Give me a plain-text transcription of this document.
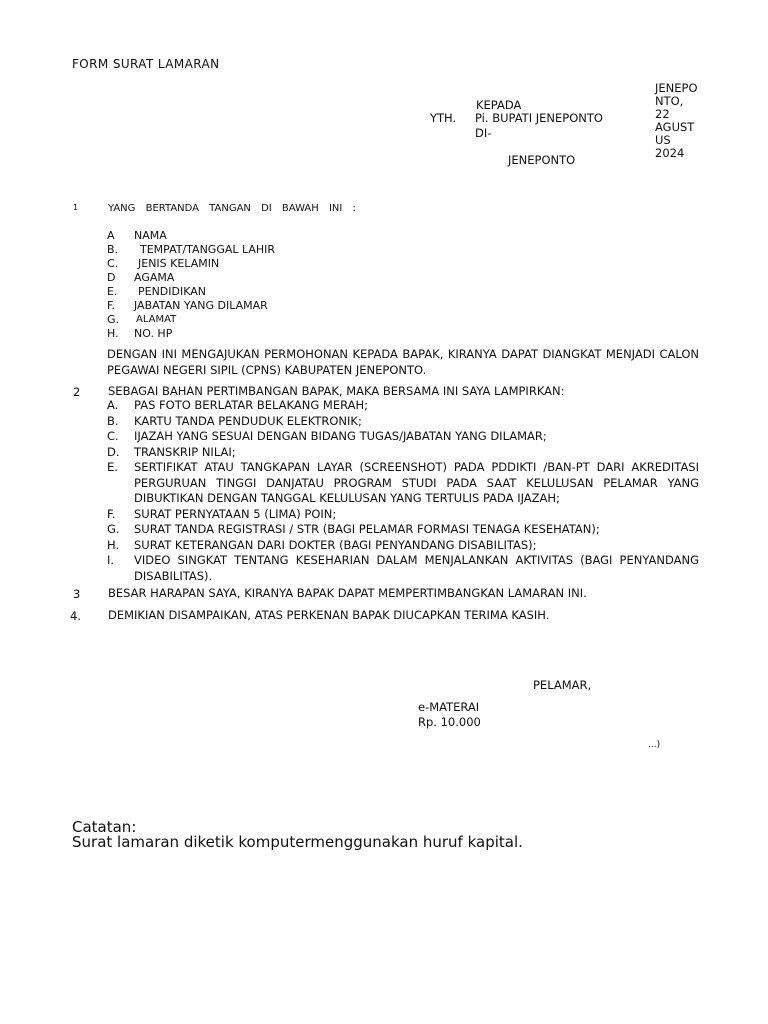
FORM SURAT LAMARAN
JENEPO
NTO,
22
AGUST
US
2024
YTH.
KEPADA
Pi. BUPATI JENEPONTO
DI-
JENEPONTO
1	YANG BERTANDA TANGAN DI BAWAH INI :
A NAMA
B. TEMPAT/TANGGAL LAHIR
C. JENIS KELAMIN
D AGAMA
E. PENDIDIKAN
F. JABATAN YANG DILAMAR
G. ALAMAT
H. NO. HP
DENGAN INI MENGAJUKAN PERMOHONAN KEPADA BAPAK, KIRANYA DAPAT DIANGKAT MENJADI CALON PEGAWAI NEGERI SIPIL (CPNS) KABUPATEN JENEPONTO.
2 SEBAGAI BAHAN PERTIMBANGAN BAPAK, MAKA BERSAMA INI SAYA LAMPIRKAN:
A. PAS FOTO BERLATAR BELAKANG MERAH;
B. KARTU TANDA PENDUDUK ELEKTRONIK;
C. IJAZAH YANG SESUAI DENGAN BIDANG TUGAS/JABATAN YANG DILAMAR;
D. TRANSKRIP NILAI;
E. SERTIFIKAT ATAU TANGKAPAN LAYAR (SCREENSHOT) PADA PDDIKTI /BAN-PT DARI AKREDITASI PERGURUAN TINGGI DANJATAU PROGRAM STUDI PADA SAAT KELULUSAN PELAMAR YANG DIBUKTIKAN DENGAN TANGGAL KELULUSAN YANG TERTULIS PADA IJAZAH;
F. SURAT PERNYATAAN 5 (LIMA) POIN;
G. SURAT TANDA REGISTRASI / STR (BAGI PELAMAR FORMASI TENAGA KESEHATAN);
H. SURAT KETERANGAN DARI DOKTER (BAGI PENYANDANG DISABILITAS);
I. VIDEO SINGKAT TENTANG KESEHARIAN DALAM MENJALANKAN AKTIVITAS (BAGI PENYANDANG DISABILITAS).
3 BESAR HARAPAN SAYA, KIRANYA BAPAK DAPAT MEMPERTIMBANGKAN LAMARAN INI.
4. DEMIKIAN DISAMPAIKAN, ATAS PERKENAN BAPAK DIUCAPKAN TERIMA KASIH.
PELAMAR,
e-MATERAI
Rp. 10.000
...)
Catatan:
Surat lamaran diketik komputermenggunakan huruf kapital.
